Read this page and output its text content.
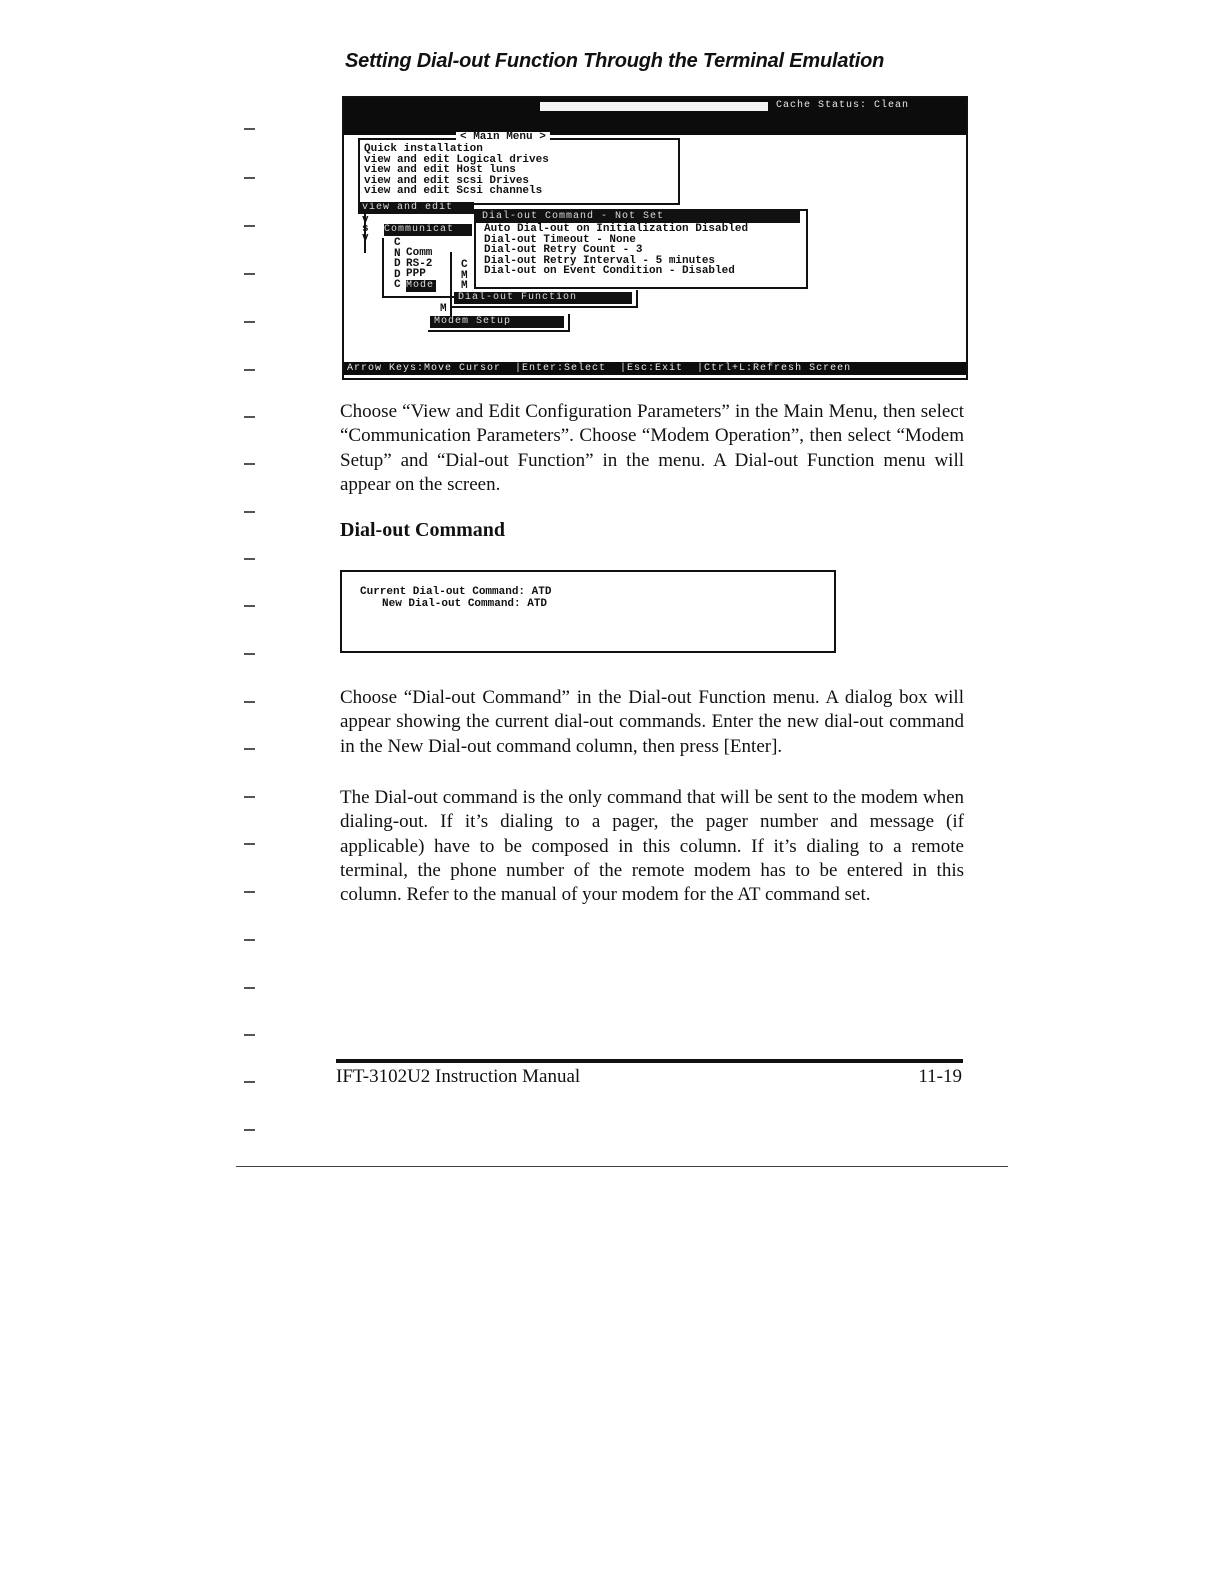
Setting Dial-out Function Through the Terminal Emulation

Cache Status: Clean

< Main Menu >
Quick installation
view and edit Logical drives
view and edit Host luns
view and edit scsi Drives
view and edit Scsi channels
view and edit
v
s
v
Communicat
C
N
D
D
C
Comm
RS-2
PPP
Mode
C
M
M
M
Dial-out Command - Not Set
Auto Dial-out on Initialization Disabled
Dial-out Timeout - None
Dial-out Retry Count - 3
Dial-out Retry Interval - 5 minutes
Dial-out on Event Condition - Disabled
Dial-out Function
Modem Setup
Arrow Keys:Move Cursor  |Enter:Select  |Esc:Exit  |Ctrl+L:Refresh Screen

Choose “View and Edit Configuration Parameters” in the Main Menu, then select “Communication Parameters”. Choose “Modem Operation”, then select “Modem Setup” and “Dial-out Function” in the menu. A Dial-out Function menu will appear on the screen.

Dial-out Command
Current Dial-out Command: ATD
New Dial-out Command: ATD

Choose “Dial-out Command” in the Dial-out Function menu. A dialog box will appear showing the current dial-out commands. Enter the new dial-out command in the New Dial-out command column, then press [Enter].

The Dial-out command is the only command that will be sent to the modem when dialing-out. If it’s dialing to a pager, the pager number and message (if applicable) have to be composed in this column. If it’s dialing to a remote terminal, the phone number of the remote modem has to be entered in this column. Refer to the manual of your modem for the AT command set.

IFT-3102U2 Instruction Manual	11-19
